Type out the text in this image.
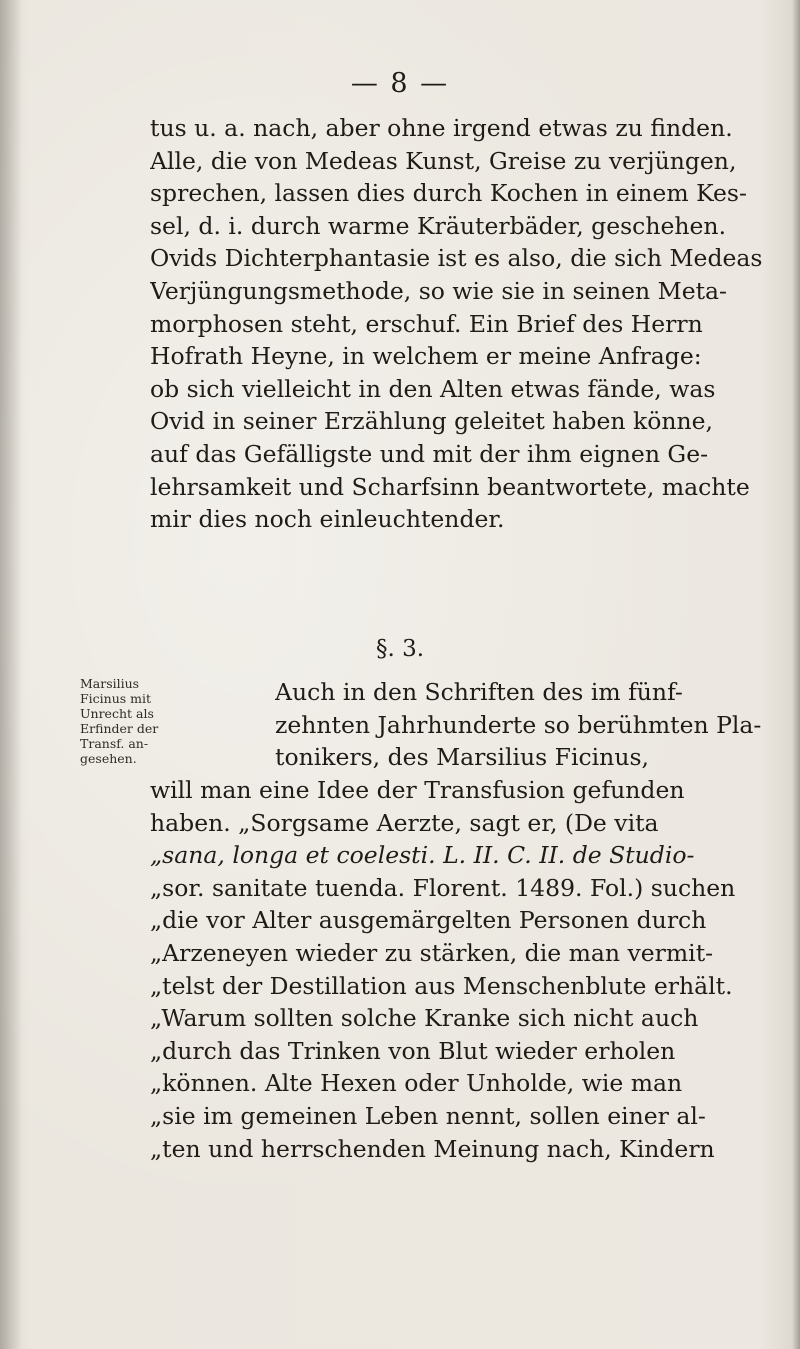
— 8 —
tus u. a. nach, aber ohne irgend etwas zu finden.
Alle, die von Medeas Kunst, Greise zu verjüngen,
sprechen, lassen dies durch Kochen in einem Kes-
sel, d. i. durch warme Kräuterbäder, geschehen.
Ovids Dichterphantasie ist es also, die sich Medeas
Verjüngungsmethode, so wie sie in seinen Meta-
morphosen steht, erschuf. Ein Brief des Herrn
Hofrath Heyne, in welchem er meine Anfrage:
ob sich vielleicht in den Alten etwas fände, was
Ovid in seiner Erzählung geleitet haben könne,
auf das Gefälligste und mit der ihm eignen Ge-
lehrsamkeit und Scharfsinn beantwortete, machte
mir dies noch einleuchtender.
§. 3.
Marsilius
Ficinus mit
Unrecht als
Erfinder der
Transf. an-
gesehen.
Auch in den Schriften des im fünf-
zehnten Jahrhunderte so berühmten Pla-
tonikers, des Marsilius Ficinus,
will man eine Idee der Transfusion gefunden
haben. „Sorgsame Aerzte, sagt er, (De vita
„sana, longa et coelesti. L. II. C. II. de Studio-
„sor. sanitate tuenda. Florent. 1489. Fol.) suchen
„die vor Alter ausgemärgelten Personen durch
„Arzeneyen wieder zu stärken, die man vermit-
„telst der Destillation aus Menschenblute erhält.
„Warum sollten solche Kranke sich nicht auch
„durch das Trinken von Blut wieder erholen
„können. Alte Hexen oder Unholde, wie man
„sie im gemeinen Leben nennt, sollen einer al-
„ten und herrschenden Meinung nach, Kindern
